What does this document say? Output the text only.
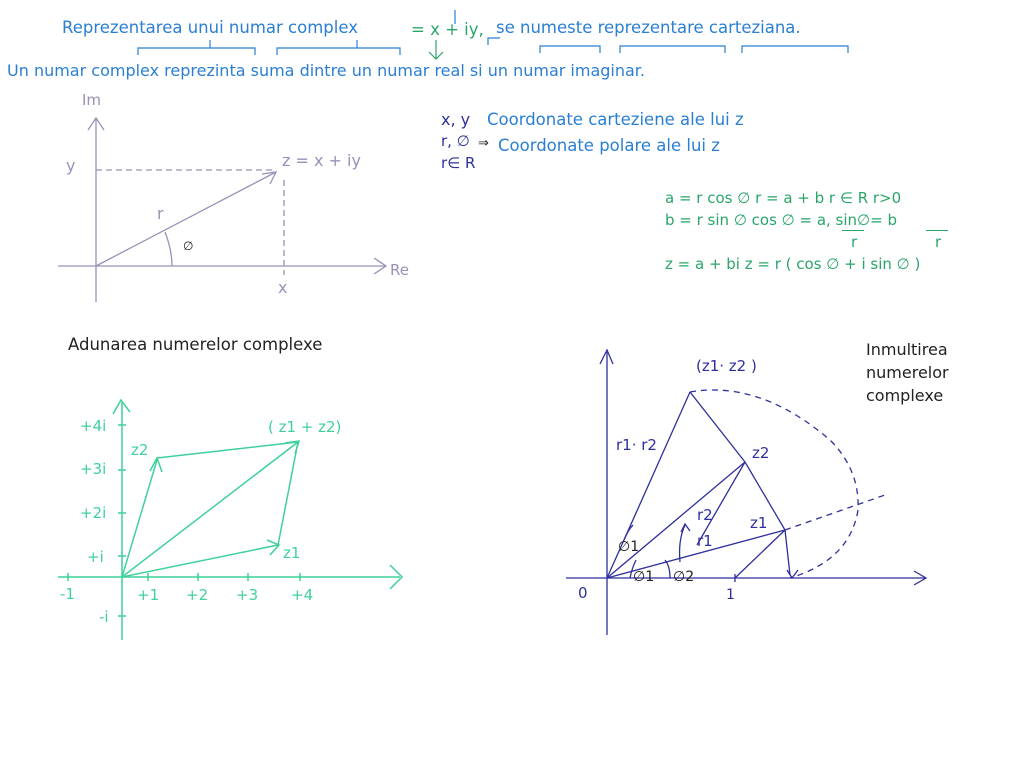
Reprezentarea unui numar complex	= x + iy, se numeste reprezentare carteziana.
Un numar complex reprezinta suma dintre un numar real si un numar imaginar.
Im
Re
y
x
r
∅
z = x + iy
x, y Coordonate carteziene ale lui z
r, ∅ ⇒ Coordonate polare ale lui z
r∈ R
a = r cos ∅ r = a + b r ∈ R r>0
b = r sin ∅ cos ∅ = a, sin∅= b
r	r
z = a + bi z = r ( cos ∅ + i sin ∅ )
Adunarea numerelor complexe
+4i
+3i
+2i
+i
-i
-1	+1 +2 +3 +4
z1
z2
( z1 + z2)
Inmultirea
numerelor
complexe
(z1· z2 )
r1· r2	z2
z1
r2
r1
0	1
∅1
∅1 ∅2
